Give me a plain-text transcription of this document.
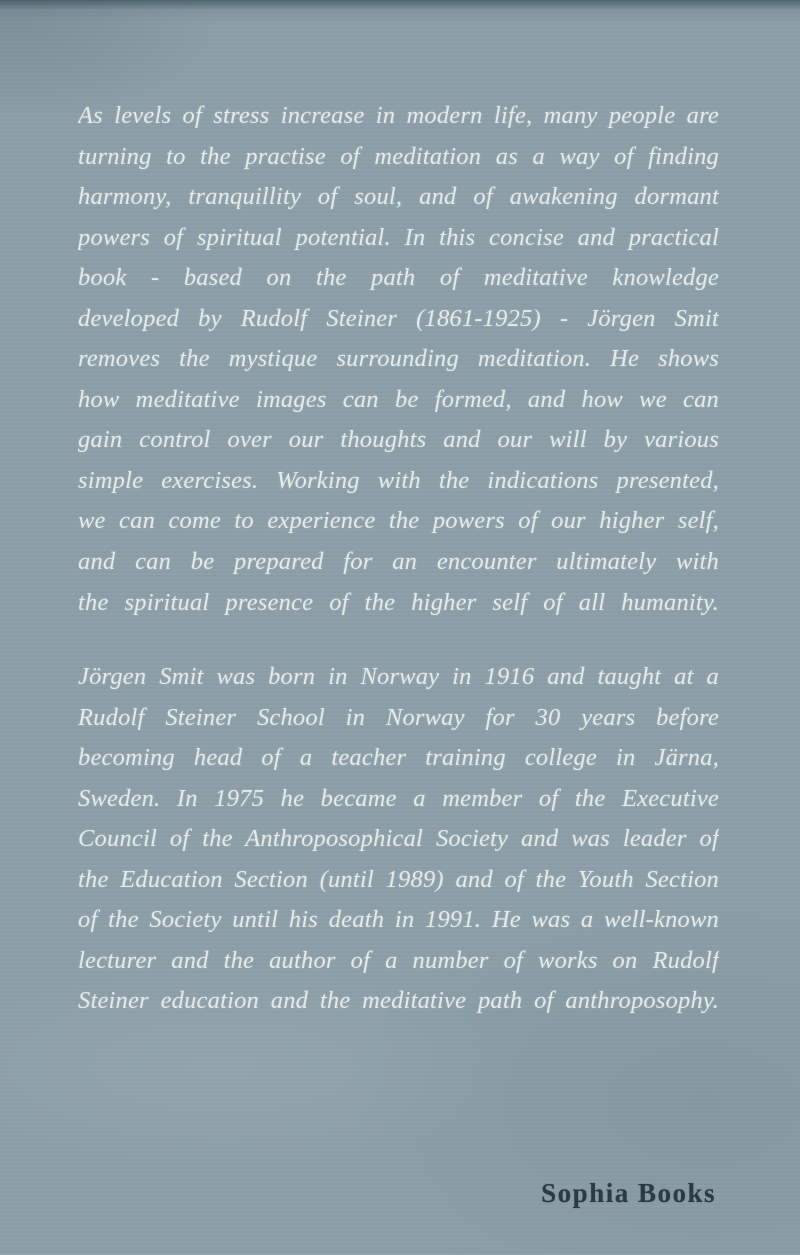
As levels of stress increase in modern life, many people are
turning to the practise of meditation as a way of finding
harmony, tranquillity of soul, and of awakening dormant
powers of spiritual potential. In this concise and practical
book - based on the path of meditative knowledge
developed by Rudolf Steiner (1861-1925) - Jörgen Smit
removes the mystique surrounding meditation. He shows
how meditative images can be formed, and how we can
gain control over our thoughts and our will by various
simple exercises. Working with the indications presented,
we can come to experience the powers of our higher self,
and can be prepared for an encounter ultimately with
the spiritual presence of the higher self of all humanity.
Jörgen Smit was born in Norway in 1916 and taught at a
Rudolf Steiner School in Norway for 30 years before
becoming head of a teacher training college in Järna,
Sweden. In 1975 he became a member of the Executive
Council of the Anthroposophical Society and was leader of
the Education Section (until 1989) and of the Youth Section
of the Society until his death in 1991. He was a well-known
lecturer and the author of a number of works on Rudolf
Steiner education and the meditative path of anthroposophy.
Sophia Books
